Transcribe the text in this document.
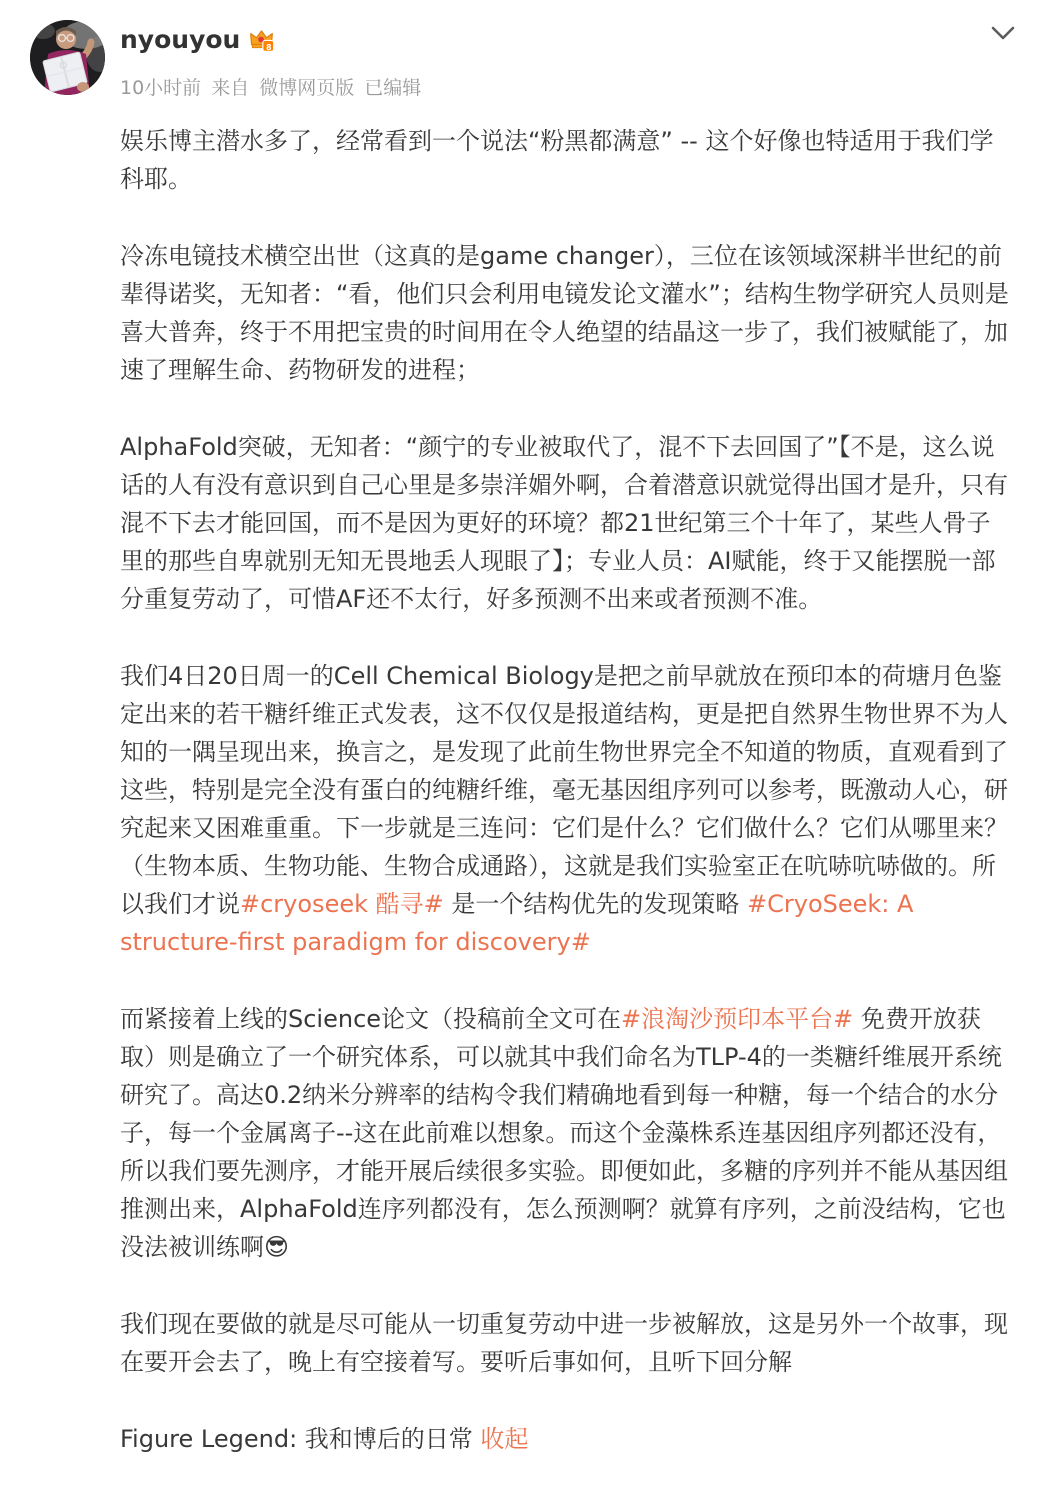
nyouyou	8
10小时前 来自 微博网页版 已编辑

娱乐博主潜水多了，经常看到一个说法“粉黑都满意” -- 这个好像也特适用于我们学科耶。

冷冻电镜技术横空出世（这真的是game changer），三位在该领域深耕半世纪的前辈得诺奖，无知者：“看，他们只会利用电镜发论文灌水”；结构生物学研究人员则是喜大普奔，终于不用把宝贵的时间用在令人绝望的结晶这一步了，我们被赋能了，加速了理解生命、药物研发的进程；

AlphaFold突破，无知者：“颜宁的专业被取代了，混不下去回国了”【不是，这么说话的人有没有意识到自己心里是多崇洋媚外啊，合着潜意识就觉得出国才是升，只有混不下去才能回国，而不是因为更好的环境？都21世纪第三个十年了，某些人骨子里的那些自卑就别无知无畏地丢人现眼了】；专业人员：AI赋能，终于又能摆脱一部分重复劳动了，可惜AF还不太行，好多预测不出来或者预测不准。

我们4日20日周一的Cell Chemical Biology是把之前早就放在预印本的荷塘月色鉴定出来的若干糖纤维正式发表，这不仅仅是报道结构，更是把自然界生物世界不为人知的一隅呈现出来，换言之，是发现了此前生物世界完全不知道的物质，直观看到了这些，特别是完全没有蛋白的纯糖纤维，毫无基因组序列可以参考，既激动人心，研究起来又困难重重。下一步就是三连问：它们是什么？它们做什么？它们从哪里来？（生物本质、生物功能、生物合成通路），这就是我们实验室正在吭哧吭哧做的。所以我们才说#cryoseek 酷寻# 是一个结构优先的发现策略 #CryoSeek: A structure-first paradigm for discovery#

而紧接着上线的Science论文（投稿前全文可在#浪淘沙预印本平台# 免费开放获取）则是确立了一个研究体系，可以就其中我们命名为TLP-4的一类糖纤维展开系统研究了。高达0.2纳米分辨率的结构令我们精确地看到每一种糖，每一个结合的水分子，每一个金属离子--这在此前难以想象。而这个金藻株系连基因组序列都还没有，所以我们要先测序，才能开展后续很多实验。即便如此，多糖的序列并不能从基因组推测出来，AlphaFold连序列都没有，怎么预测啊？就算有序列，之前没结构，它也没法被训练啊😎

我们现在要做的就是尽可能从一切重复劳动中进一步被解放，这是另外一个故事，现在要开会去了，晚上有空接着写。要听后事如何，且听下回分解

Figure Legend: 我和博后的日常 收起
